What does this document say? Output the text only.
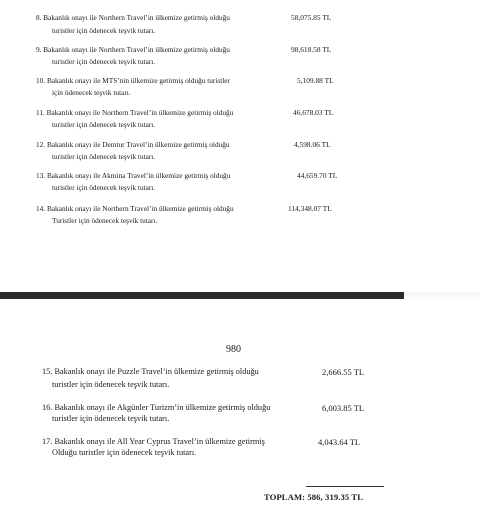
8. Bakanlık onayı ile Northern Travel’in ülkemize getirmiş olduğu
turistler için ödenecek teşvik tutarı.
58,075.85 TL
9. Bakanlık onayı ile Northern Travel’in ülkemize getirmiş olduğu
turistler için ödenecek teşvik tutarı.
98,618.58 TL
10. Bakanlık onayı ile MTS’nin ülkemize getirmiş olduğu turistler
için ödenecek teşvik tutarı.
5,109.88 TL
11. Bakanlık onayı ile Northern Travel’in ülkemize getirmiş olduğu
turistler için ödenecek teşvik tutarı.
46,678.03 TL
12. Bakanlık onayı ile Demtur Travel’in ülkemize getirmiş olduğu
turistler için ödenecek teşvik tutarı.
4,598.06 TL
13. Bakanlık onayı ile Akmina Travel’in ülkemize getirmiş olduğu
turistler için ödenecek teşvik tutarı.
44,659.70 TL
14. Bakanlık onayı ile Northern Travel’in ülkemize getirmiş olduğu
Turistler için ödenecek teşvik tutarı.
114,348.07 TL
980
15. Bakanlık onayı ile Puzzle Travel’in ülkemize getirmiş olduğu
turistler için ödenecek teşvik tutarı.
2,666.55 TL
16. Bakanlık onayı ile Akgünler Turizm’in ülkemize getirmiş olduğu
turistler için ödenecek teşvik tutarı.
6,003.85 TL
17. Bakanlık onayı ile All Year Cyprus Travel’in ülkemize getirmiş
Olduğu turistler için ödenecek teşvik tutarı.
4,043.64 TL
TOPLAM: 586, 319.35 TL
